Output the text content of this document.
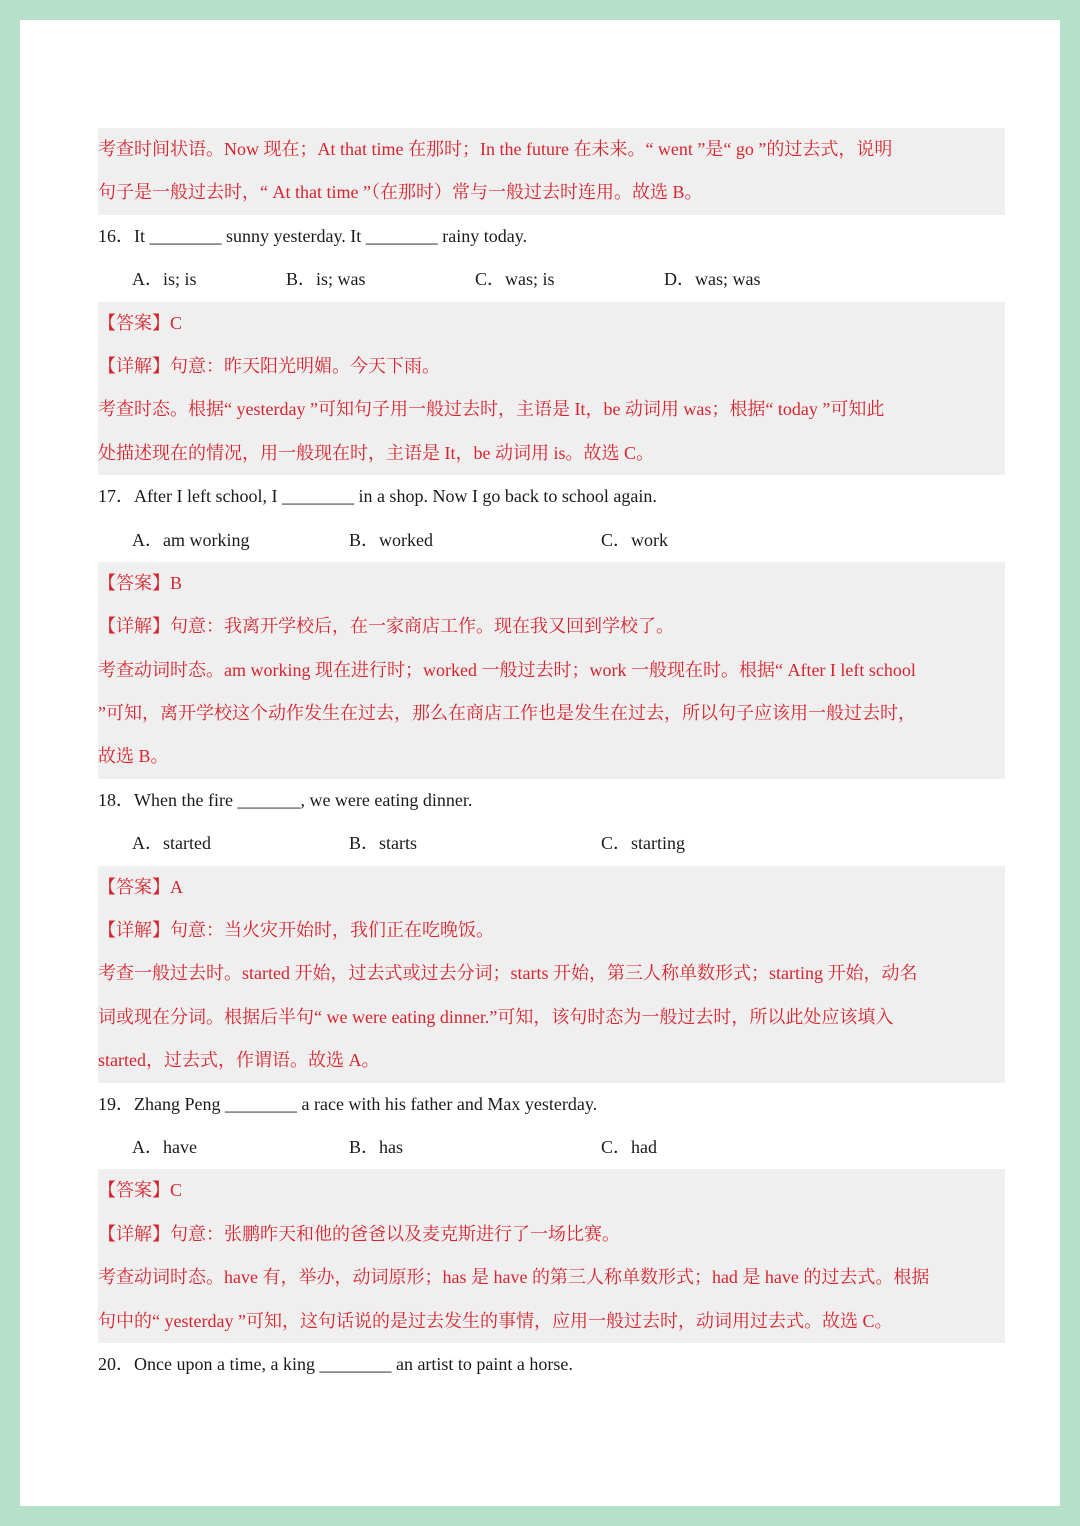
考查时间状语。Now 现在；At that time 在那时；In the future 在未来。“ went ”是“ go ”的过去式，说明
句子是一般过去时，“ At that time ”（在那时）常与一般过去时连用。故选 B。
16．It ________ sunny yesterday. It ________ rainy today.
A．is; is	B．is; was	C．was; is	D．was; was
【答案】C
【详解】句意：昨天阳光明媚。今天下雨。
考查时态。根据“ yesterday ”可知句子用一般过去时，主语是 It，be 动词用 was；根据“ today ”可知此
处描述现在的情况，用一般现在时，主语是 It，be 动词用 is。故选 C。
17．After I left school, I ________ in a shop. Now I go back to school again.
A．am working	B．worked	C．work
【答案】B
【详解】句意：我离开学校后，在一家商店工作。现在我又回到学校了。
考查动词时态。am working 现在进行时；worked 一般过去时；work 一般现在时。根据“ After I left school
”可知，离开学校这个动作发生在过去，那么在商店工作也是发生在过去，所以句子应该用一般过去时，
故选 B。
18．When the fire _______, we were eating dinner.
A．started	B．starts	C．starting
【答案】A
【详解】句意：当火灾开始时，我们正在吃晚饭。
考查一般过去时。started 开始，过去式或过去分词；starts 开始，第三人称单数形式；starting 开始，动名
词或现在分词。根据后半句“ we were eating dinner.”可知，该句时态为一般过去时，所以此处应该填入
started，过去式，作谓语。故选 A。
19．Zhang Peng ________ a race with his father and Max yesterday.
A．have	B．has	C．had
【答案】C
【详解】句意：张鹏昨天和他的爸爸以及麦克斯进行了一场比赛。
考查动词时态。have 有，举办，动词原形；has 是 have 的第三人称单数形式；had 是 have 的过去式。根据
句中的“ yesterday ”可知，这句话说的是过去发生的事情，应用一般过去时，动词用过去式。故选 C。
20．Once upon a time, a king ________ an artist to paint a horse.
